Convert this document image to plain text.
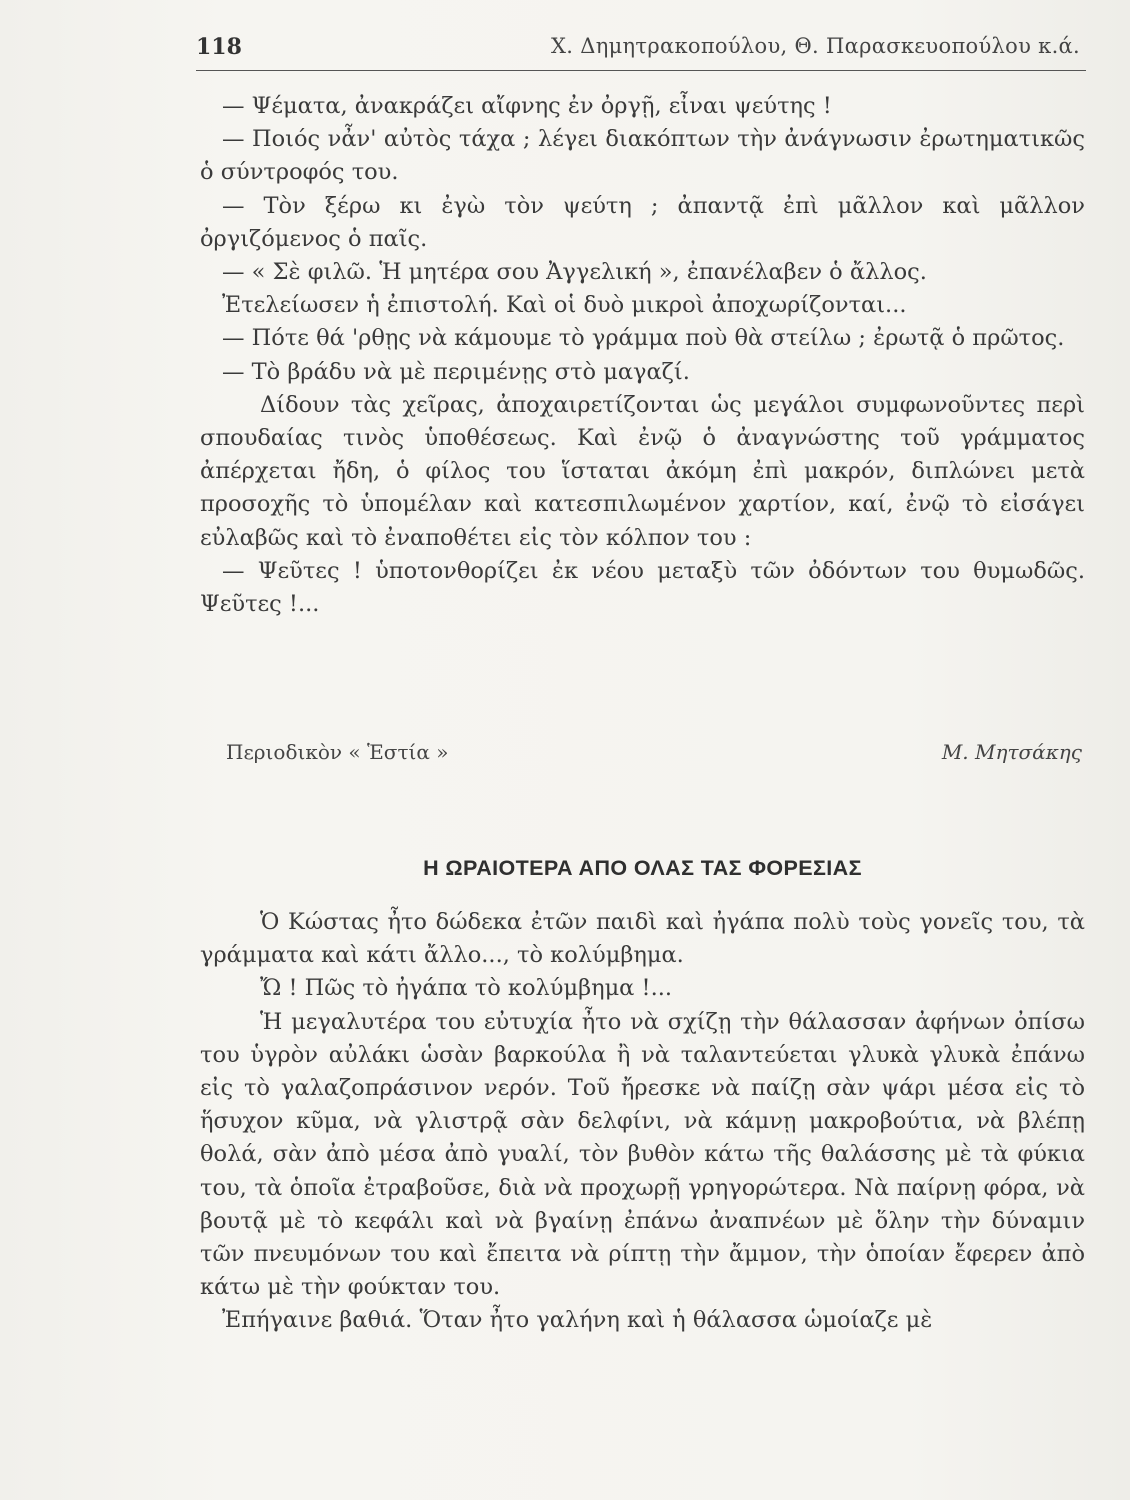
118	Χ. Δημητρακοπούλου, Θ. Παρασκευοπούλου κ.ά.

— Ψέματα, ἀνακράζει αἴφνης ἐν ὀργῇ, εἶναι ψεύτης !

— Ποιός νἆν' αὐτὸς τάχα ; λέγει διακόπτων τὴν ἀνάγνωσιν ἐρωτηματικῶς ὁ σύντροφός του.

— Τὸν ξέρω κι ἐγὼ τὸν ψεύτη ; ἀπαντᾷ ἐπὶ μᾶλλον καὶ μᾶλλον ὀργιζόμενος ὁ παῖς.

— « Σὲ φιλῶ. Ἡ μητέρα σου Ἀγγελική », ἐπανέλαβεν ὁ ἄλλος.

Ἐτελείωσεν ἡ ἐπιστολή. Καὶ οἱ δυὸ μικροὶ ἀποχωρίζονται...

— Πότε θά 'ρθῃς νὰ κάμουμε τὸ γράμμα ποὺ θὰ στείλω ; ἐρωτᾷ ὁ πρῶτος.

— Τὸ βράδυ νὰ μὲ περιμένῃς στὸ μαγαζί.

Δίδουν τὰς χεῖρας, ἀποχαιρετίζονται ὡς μεγάλοι συμφωνοῦντες περὶ σπουδαίας τινὸς ὑποθέσεως. Καὶ ἐνῷ ὁ ἀναγνώστης τοῦ γράμματος ἀπέρχεται ἤδη, ὁ φίλος του ἵσταται ἀκόμη ἐπὶ μακρόν, διπλώνει μετὰ προσοχῆς τὸ ὑπομέλαν καὶ κατεσπιλωμένον χαρτίον, καί, ἐνῷ τὸ εἰσάγει εὐλαβῶς καὶ τὸ ἐναποθέτει εἰς τὸν κόλπον του :

— Ψεῦτες ! ὑποτονθορίζει ἐκ νέου μεταξὺ τῶν ὀδόντων του θυμωδῶς. Ψεῦτες !...

Περιοδικὸν « Ἑστία »	Μ. Μητσάκης
Η ΩΡΑΙΟΤΕΡΑ ΑΠΟ ΟΛΑΣ ΤΑΣ ΦΟΡΕΣΙΑΣ

Ὁ Κώστας ἦτο δώδεκα ἐτῶν παιδὶ καὶ ἠγάπα πολὺ τοὺς γονεῖς του, τὰ γράμματα καὶ κάτι ἄλλο..., τὸ κολύμβημα.

Ὤ ! Πῶς τὸ ἠγάπα τὸ κολύμβημα !...

Ἡ μεγαλυτέρα του εὐτυχία ἦτο νὰ σχίζῃ τὴν θάλασσαν ἀφήνων ὀπίσω του ὑγρὸν αὐλάκι ὡσὰν βαρκούλα ἢ νὰ ταλαντεύεται γλυκὰ γλυκὰ ἐπάνω εἰς τὸ γαλαζοπράσινον νερόν. Τοῦ ἤρεσκε νὰ παίζῃ σὰν ψάρι μέσα εἰς τὸ ἥσυχον κῦμα, νὰ γλιστρᾷ σὰν δελφίνι, νὰ κάμνῃ μακροβούτια, νὰ βλέπῃ θολά, σὰν ἀπὸ μέσα ἀπὸ γυαλί, τὸν βυθὸν κάτω τῆς θαλάσσης μὲ τὰ φύκια του, τὰ ὁποῖα ἐτραβοῦσε, διὰ νὰ προχωρῇ γρηγορώτερα. Νὰ παίρνῃ φόρα, νὰ βουτᾷ μὲ τὸ κεφάλι καὶ νὰ βγαίνῃ ἐπάνω ἀναπνέων μὲ ὅλην τὴν δύναμιν τῶν πνευμόνων του καὶ ἔπειτα νὰ ρίπτῃ τὴν ἄμμον, τὴν ὁποίαν ἔφερεν ἀπὸ κάτω μὲ τὴν φούκταν του.

Ἐπήγαινε βαθιά. Ὅταν ἦτο γαλήνη καὶ ἡ θάλασσα ὡμοίαζε μὲ
